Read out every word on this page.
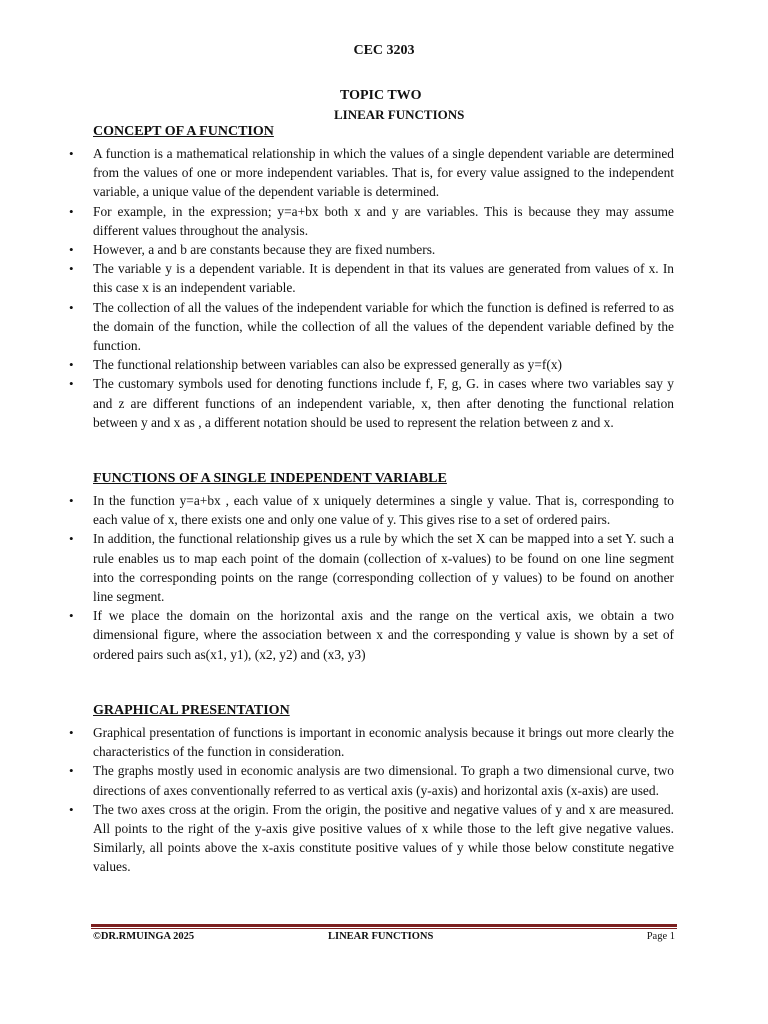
CEC 3203
TOPIC TWO
LINEAR FUNCTIONS
CONCEPT OF A FUNCTION
• A function is a mathematical relationship in which the values of a single dependent variable are determined from the values of one or more independent variables. That is, for every value assigned to the independent variable, a unique value of the dependent variable is determined.
• For example, in the expression; y=a+bx both x and y are variables. This is because they may assume different values throughout the analysis.
• However, a and b are constants because they are fixed numbers.
• The variable y is a dependent variable. It is dependent in that its values are generated from values of x. In this case x is an independent variable.
• The collection of all the values of the independent variable for which the function is defined is referred to as the domain of the function, while the collection of all the values of the dependent variable defined by the function.
• The functional relationship between variables can also be expressed generally as y=f(x)
• The customary symbols used for denoting functions include f, F, g, G. in cases where two variables say y and z are different functions of an independent variable, x, then after denoting the functional relation between y and x as , a different notation should be used to represent the relation between z and x.
FUNCTIONS OF A SINGLE INDEPENDENT VARIABLE
• In the function y=a+bx , each value of x uniquely determines a single y value. That is, corresponding to each value of x, there exists one and only one value of y. This gives rise to a set of ordered pairs.
• In addition, the functional relationship gives us a rule by which the set X can be mapped into a set Y. such a rule enables us to map each point of the domain (collection of x-values) to be found on one line segment into the corresponding points on the range (corresponding collection of y values) to be found on another line segment.
• If we place the domain on the horizontal axis and the range on the vertical axis, we obtain a two dimensional figure, where the association between x and the corresponding y value is shown by a set of ordered pairs such as(x1, y1), (x2, y2) and (x3, y3)
GRAPHICAL PRESENTATION
• Graphical presentation of functions is important in economic analysis because it brings out more clearly the characteristics of the function in consideration.
• The graphs mostly used in economic analysis are two dimensional. To graph a two dimensional curve, two directions of axes conventionally referred to as vertical axis (y-axis) and horizontal axis (x-axis) are used.
• The two axes cross at the origin. From the origin, the positive and negative values of y and x are measured. All points to the right of the y-axis give positive values of x while those to the left give negative values. Similarly, all points above the x-axis constitute positive values of y while those below constitute negative values.
©DR.RMUINGA 2025	LINEAR FUNCTIONS	Page 1
